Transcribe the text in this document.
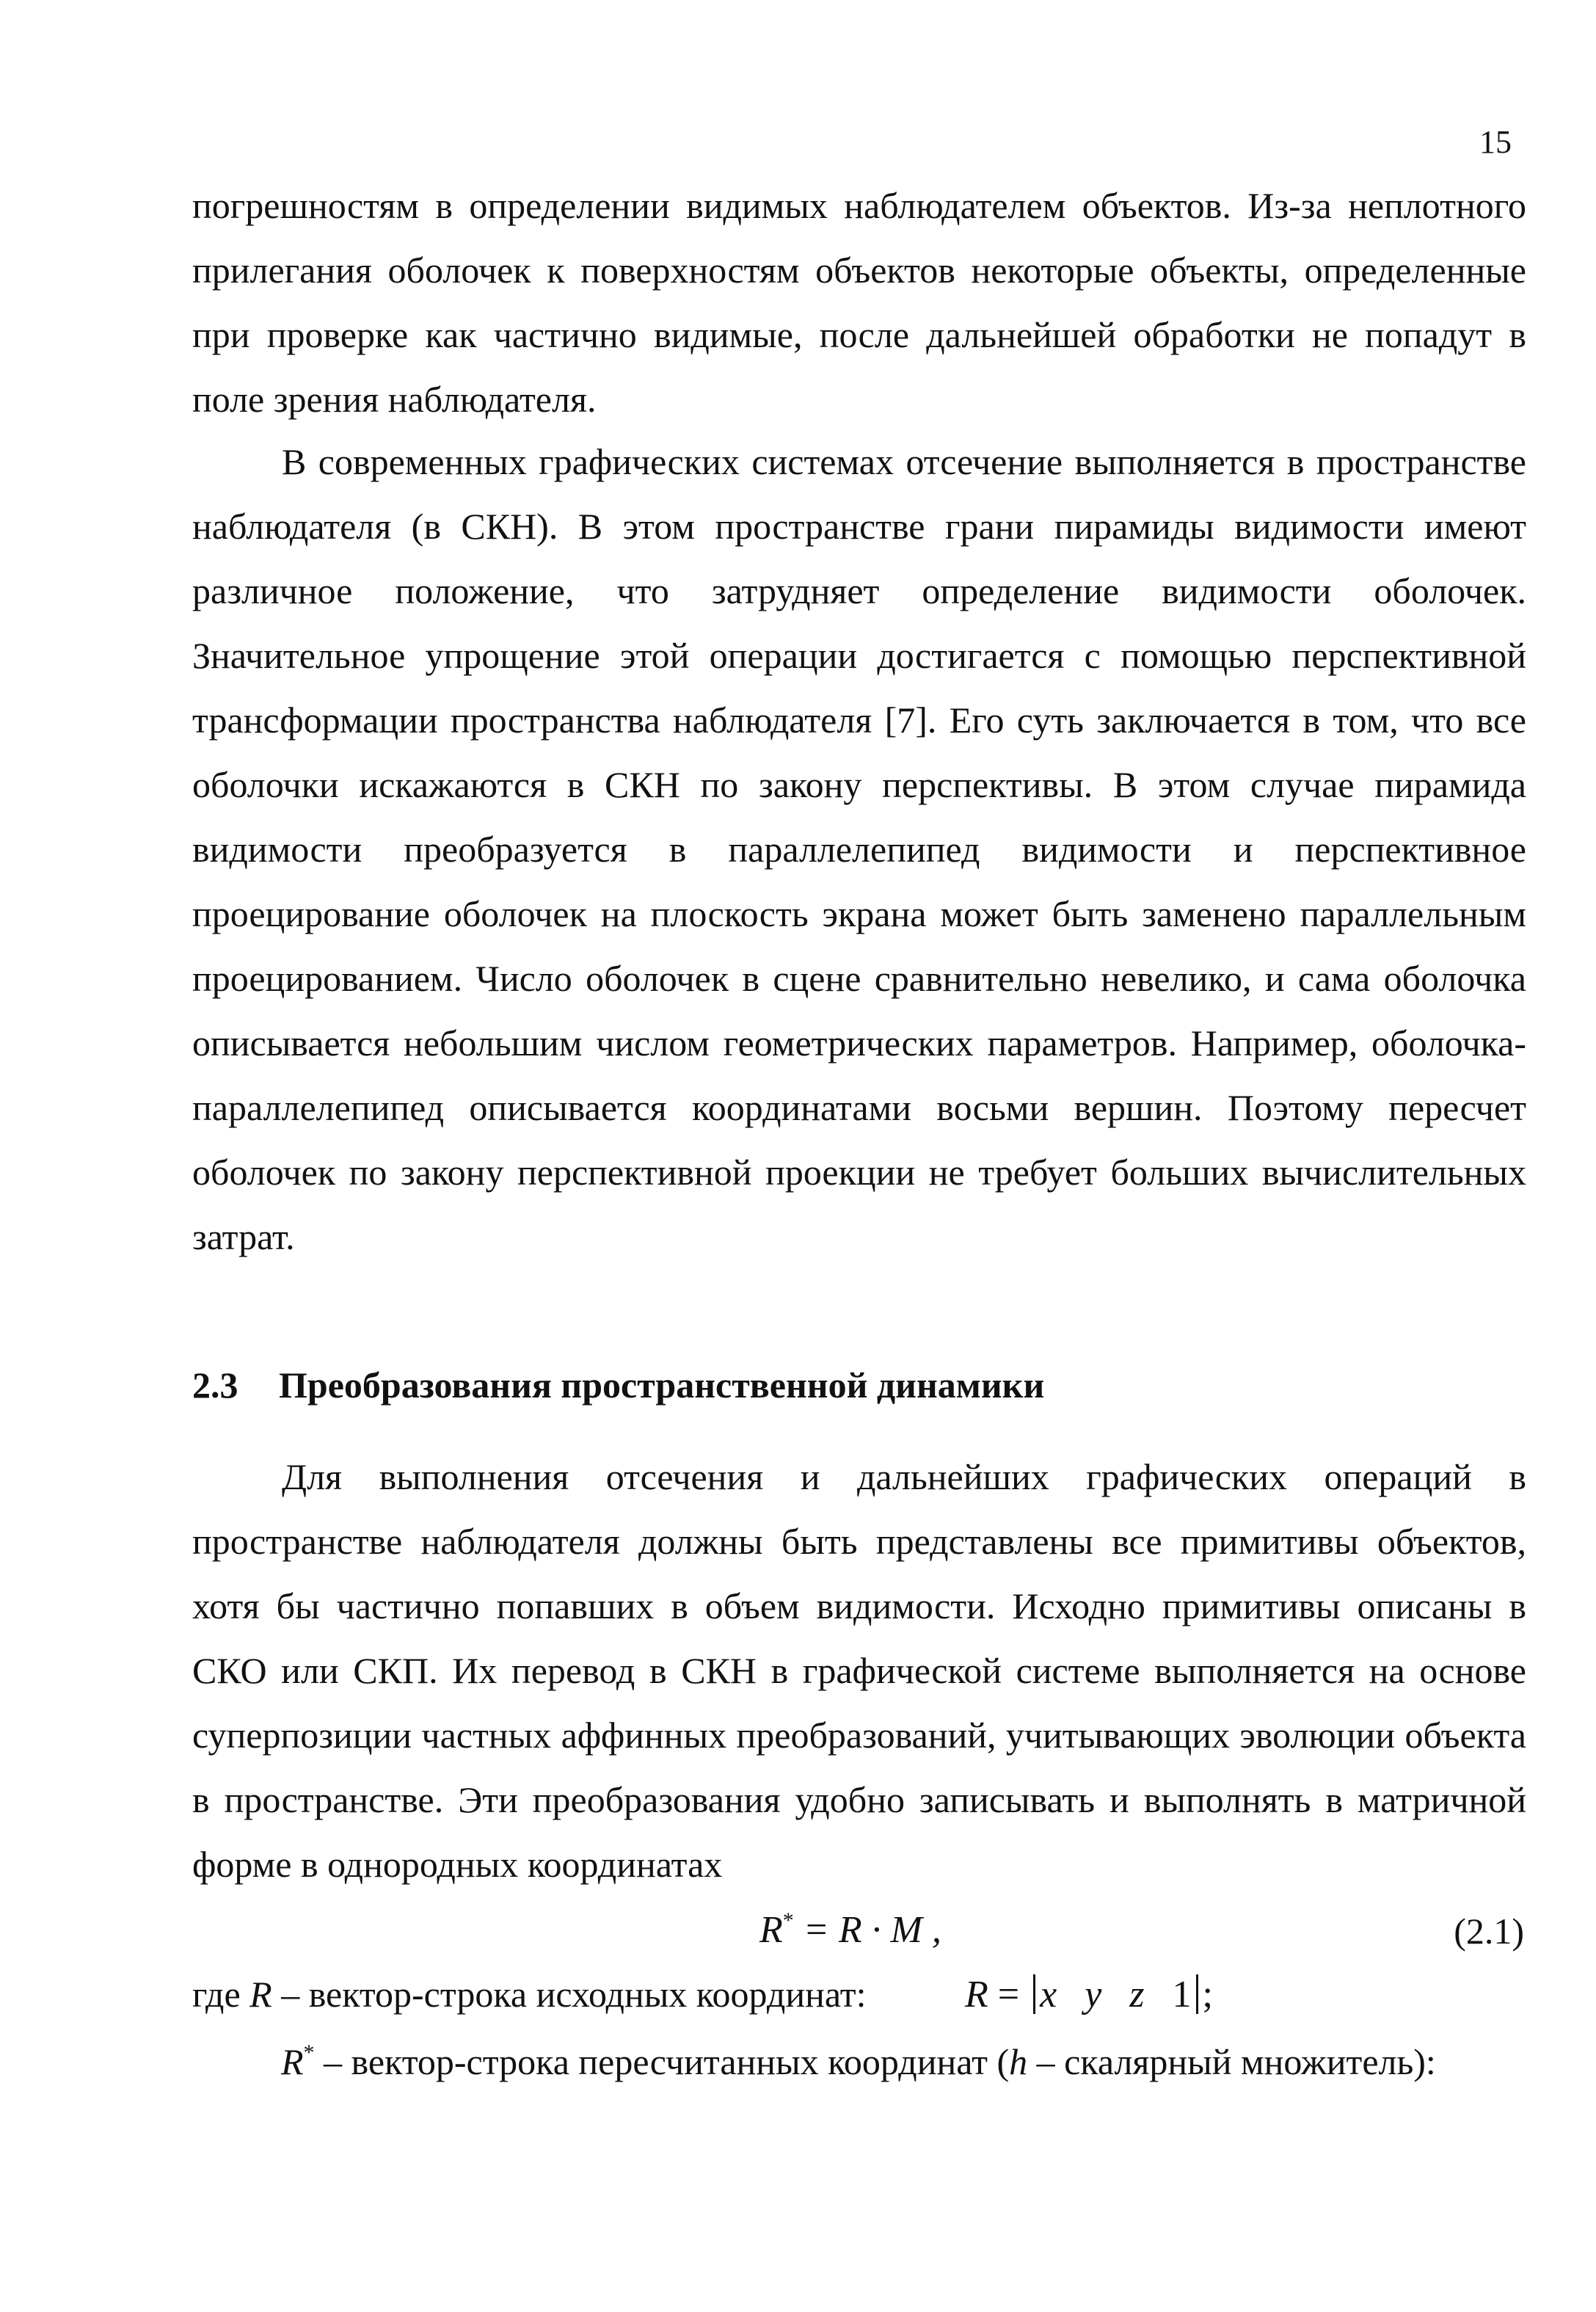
15

погрешностям в определении видимых наблюдателем объектов. Из-за неплотного прилегания оболочек к поверхностям объектов некоторые объекты, определенные при проверке как частично видимые, после дальнейшей обработки не попадут в поле зрения наблюдателя.

В современных графических системах отсечение выполняется в пространстве наблюдателя (в СКН). В этом пространстве грани пирамиды видимости имеют различное положение, что затрудняет определение видимости оболочек. Значительное упрощение этой операции достигается с помощью перспективной трансформации пространства наблюдателя [7]. Его суть заключается в том, что все оболочки искажаются в СКН по закону перспективы. В этом случае пирамида видимости преобразуется в параллелепипед видимости и перспективное проецирование оболочек на плоскость экрана может быть заменено параллельным проецированием. Число оболочек в сцене сравнительно невелико, и сама оболочка описывается небольшим числом геометрических параметров. Например, оболочка-параллелепипед описывается координатами восьми вершин. Поэтому пересчет оболочек по закону перспективной проекции не требует больших вычислительных затрат.

2.3 Преобразования пространственной динамики

Для выполнения отсечения и дальнейших графических операций в пространстве наблюдателя должны быть представлены все примитивы объектов, хотя бы частично попавших в объем видимости. Исходно примитивы описаны в СКО или СКП. Их перевод в СКН в графической системе выполняется на основе суперпозиции частных аффинных преобразований, учитывающих эволюции объекта в пространстве. Эти преобразования удобно записывать и выполнять в матричной форме в однородных координатах

R* = R · M ,	(2.1)
где R – вектор-строка исходных координат:	R = x y z 1 ;
R* – вектор-строка пересчитанных координат (h – скалярный множитель):
